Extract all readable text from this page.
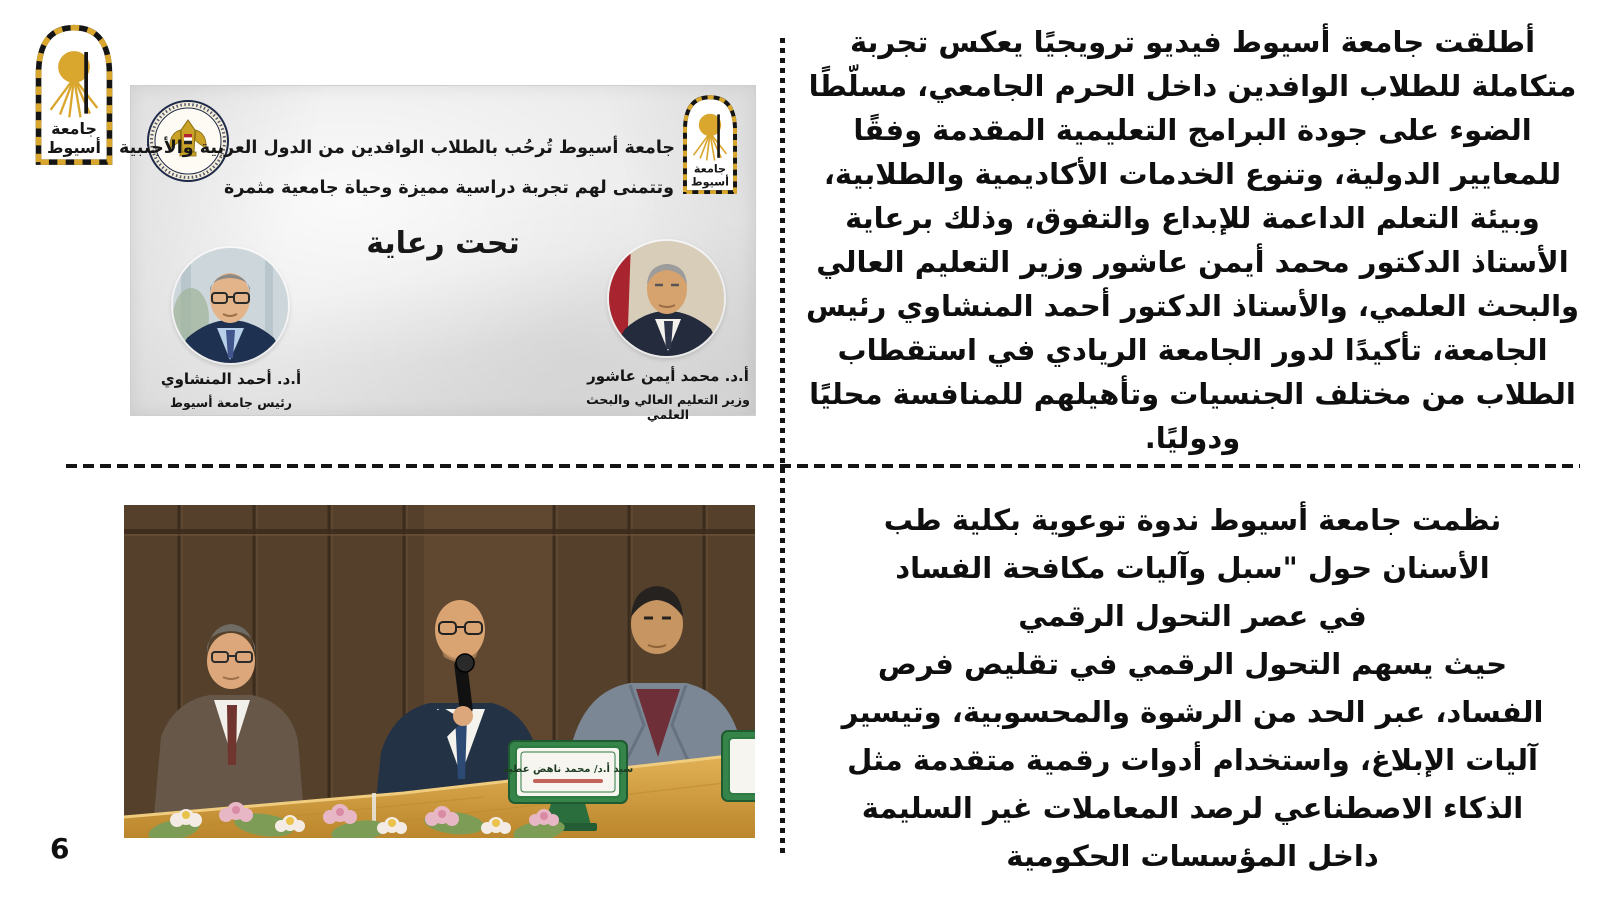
جامعة
أسيوط
جامعة
أسيوط
جامعة أسيوط تُرحُب بالطلاب الوافدين من الدول العربية والأجنبية
وتتمنى لهم تجربة دراسية مميزة وحياة جامعية مثمرة
تحت رعاية
أ.د. أحمد المنشاوي
رئيس جامعة أسيوط
أ.د. محمد أيمن عاشور
وزير التعليم العالي والبحث العلمي
أطلقت جامعة أسيوط فيديو ترويجيًا يعكس تجربة
متكاملة للطلاب الوافدين داخل الحرم الجامعي، مسلّطًا
الضوء على جودة البرامج التعليمية المقدمة وفقًا
للمعايير الدولية، وتنوع الخدمات الأكاديمية والطلابية،
وبيئة التعلم الداعمة للإبداع والتفوق، وذلك برعاية
الأستاذ الدكتور محمد أيمن عاشور وزير التعليم العالي
والبحث العلمي، والأستاذ الدكتور أحمد المنشاوي رئيس
الجامعة، تأكيدًا لدور الجامعة الريادي في استقطاب
الطلاب من مختلف الجنسيات وتأهيلهم للمنافسة محليًا
ودوليًا.
نظمت جامعة أسيوط ندوة توعوية بكلية طب
الأسنان حول "سبل وآليات مكافحة الفساد
في عصر التحول الرقمي
حيث يسهم التحول الرقمي في تقليص فرص
الفساد، عبر الحد من الرشوة والمحسوبية، وتيسير
آليات الإبلاغ، واستخدام أدوات رقمية متقدمة مثل
الذكاء الاصطناعي لرصد المعاملات غير السليمة
داخل المؤسسات الحكومية
سيد أ.د/ محمد ناهض عطية
6
